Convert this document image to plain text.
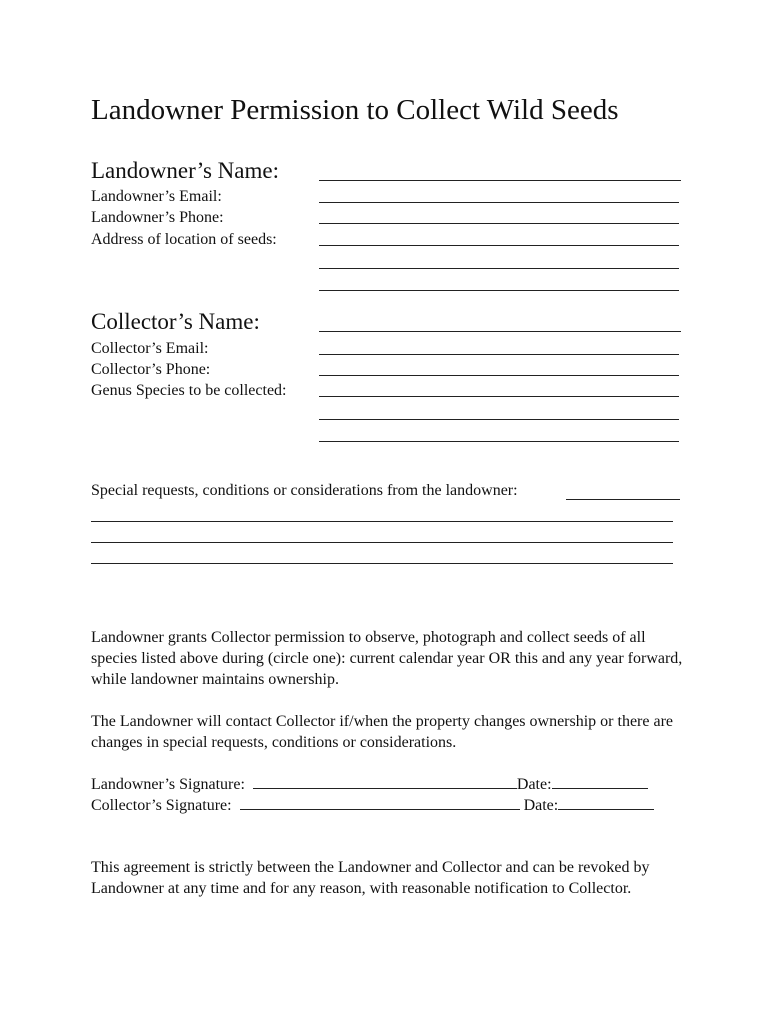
Landowner Permission to Collect Wild Seeds
Landowner’s Name:
Landowner’s Email:
Landowner’s Phone:
Address of location of seeds:
Collector’s Name:
Collector’s Email:
Collector’s Phone:
Genus Species to be collected:
Special requests, conditions or considerations from the landowner:
Landowner grants Collector permission to observe, photograph and collect seeds of all species listed above during (circle one): current calendar year OR this and any year forward, while landowner maintains ownership.
The Landowner will contact Collector if/when the property changes ownership or there are changes in special requests, conditions or considerations.
Landowner’s Signature:	Date:
Collector’s Signature:	Date:
This agreement is strictly between the Landowner and Collector and can be revoked by Landowner at any time and for any reason, with reasonable notification to Collector.
